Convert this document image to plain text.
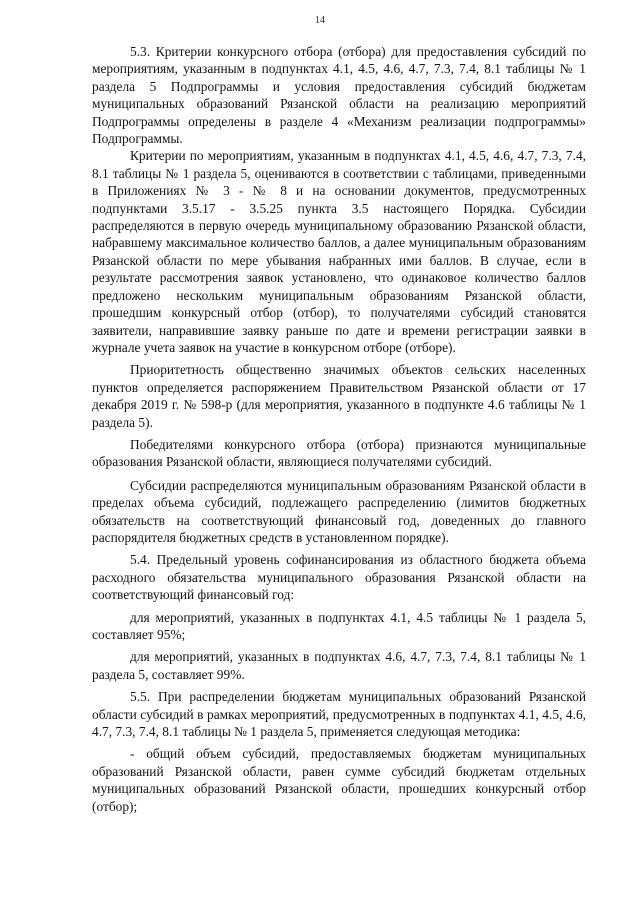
14

5.3. Критерии конкурсного отбора (отбора) для предоставления субсидий по мероприятиям, указанным в подпунктах 4.1, 4.5, 4.6, 4.7, 7.3, 7.4, 8.1 таблицы № 1 раздела 5 Подпрограммы и условия предоставления субсидий бюджетам муниципальных образований Рязанской области на реализацию мероприятий Подпрограммы определены в разделе 4 «Механизм реализации подпрограммы» Подпрограммы.

Критерии по мероприятиям, указанным в подпунктах 4.1, 4.5, 4.6, 4.7, 7.3, 7.4, 8.1 таблицы № 1 раздела 5, оцениваются в соответствии с таблицами, приведенными в Приложениях № 3 - № 8 и на основании документов, предусмотренных подпунктами 3.5.17 - 3.5.25 пункта 3.5 настоящего Порядка. Субсидии распределяются в первую очередь муниципальному образованию Рязанской области, набравшему максимальное количество баллов, а далее муниципальным образованиям Рязанской области по мере убывания набранных ими баллов. В случае, если в результате рассмотрения заявок установлено, что одинаковое количество баллов предложено нескольким муниципальным образованиям Рязанской области, прошедшим конкурсный отбор (отбор), то получателями субсидий становятся заявители, направившие заявку раньше по дате и времени регистрации заявки в журнале учета заявок на участие в конкурсном отборе (отборе).

Приоритетность общественно значимых объектов сельских населенных пунктов определяется распоряжением Правительством Рязанской области от 17 декабря 2019 г. № 598-р (для мероприятия, указанного в подпункте 4.6 таблицы № 1 раздела 5).

Победителями конкурсного отбора (отбора) признаются муниципальные образования Рязанской области, являющиеся получателями субсидий.

Субсидии распределяются муниципальным образованиям Рязанской области в пределах объема субсидий, подлежащего распределению (лимитов бюджетных обязательств на соответствующий финансовый год, доведенных до главного распорядителя бюджетных средств в установленном порядке).

5.4. Предельный уровень софинансирования из областного бюджета объема расходного обязательства муниципального образования Рязанской области на соответствующий финансовый год:

для мероприятий, указанных в подпунктах 4.1, 4.5 таблицы № 1 раздела 5, составляет 95%;

для мероприятий, указанных в подпунктах 4.6, 4.7, 7.3, 7.4, 8.1 таблицы № 1 раздела 5, составляет 99%.

5.5. При распределении бюджетам муниципальных образований Рязанской области субсидий в рамках мероприятий, предусмотренных в подпунктах 4.1, 4.5, 4.6, 4.7, 7.3, 7.4, 8.1 таблицы № 1 раздела 5, применяется следующая методика:

- общий объем субсидий, предоставляемых бюджетам муниципальных образований Рязанской области, равен сумме субсидий бюджетам отдельных муниципальных образований Рязанской области, прошедших конкурсный отбор (отбор);
